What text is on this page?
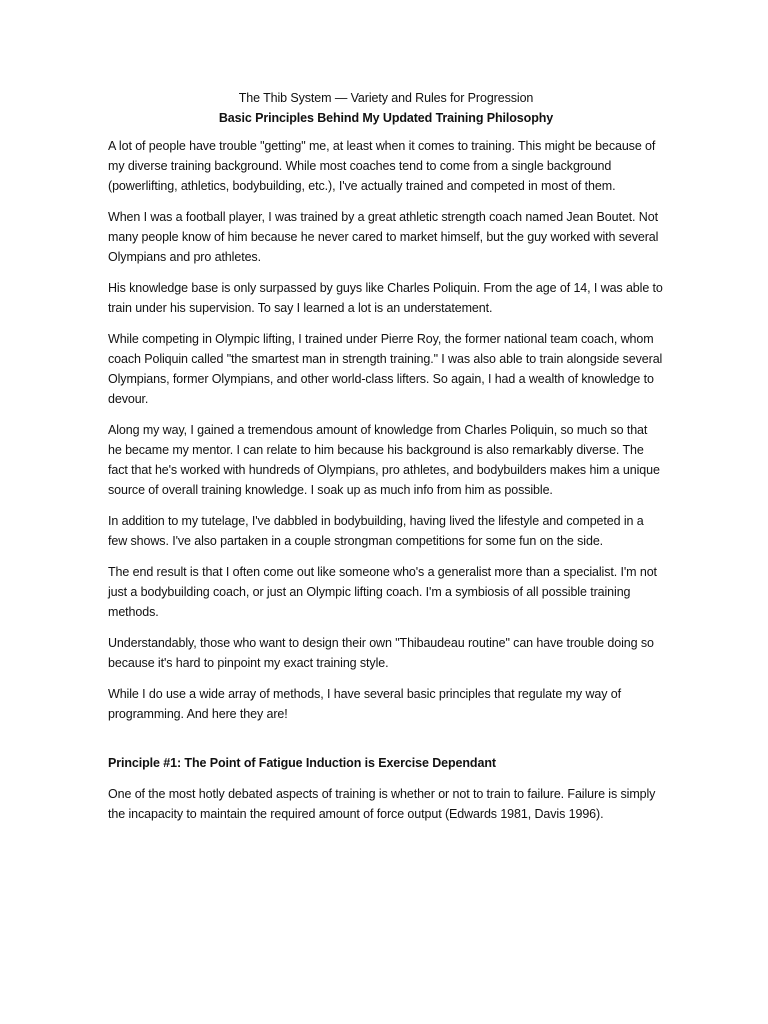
The Thib System — Variety and Rules for Progression

Basic Principles Behind My Updated Training Philosophy

A lot of people have trouble "getting" me, at least when it comes to training. This might be because of my diverse training background. While most coaches tend to come from a single background (powerlifting, athletics, bodybuilding, etc.), I've actually trained and competed in most of them.

When I was a football player, I was trained by a great athletic strength coach named Jean Boutet. Not many people know of him because he never cared to market himself, but the guy worked with several Olympians and pro athletes.

His knowledge base is only surpassed by guys like Charles Poliquin. From the age of 14, I was able to train under his supervision. To say I learned a lot is an understatement.

While competing in Olympic lifting, I trained under Pierre Roy, the former national team coach, whom coach Poliquin called "the smartest man in strength training." I was also able to train alongside several Olympians, former Olympians, and other world-class lifters. So again, I had a wealth of knowledge to devour.

Along my way, I gained a tremendous amount of knowledge from Charles Poliquin, so much so that he became my mentor. I can relate to him because his background is also remarkably diverse. The fact that he's worked with hundreds of Olympians, pro athletes, and bodybuilders makes him a unique source of overall training knowledge. I soak up as much info from him as possible.

In addition to my tutelage, I've dabbled in bodybuilding, having lived the lifestyle and competed in a few shows. I've also partaken in a couple strongman competitions for some fun on the side.

The end result is that I often come out like someone who's a generalist more than a specialist. I'm not just a bodybuilding coach, or just an Olympic lifting coach. I'm a symbiosis of all possible training methods.

Understandably, those who want to design their own "Thibaudeau routine" can have trouble doing so because it's hard to pinpoint my exact training style.

While I do use a wide array of methods, I have several basic principles that regulate my way of programming. And here they are!

Principle #1: The Point of Fatigue Induction is Exercise Dependant

One of the most hotly debated aspects of training is whether or not to train to failure. Failure is simply the incapacity to maintain the required amount of force output (Edwards 1981, Davis 1996).
